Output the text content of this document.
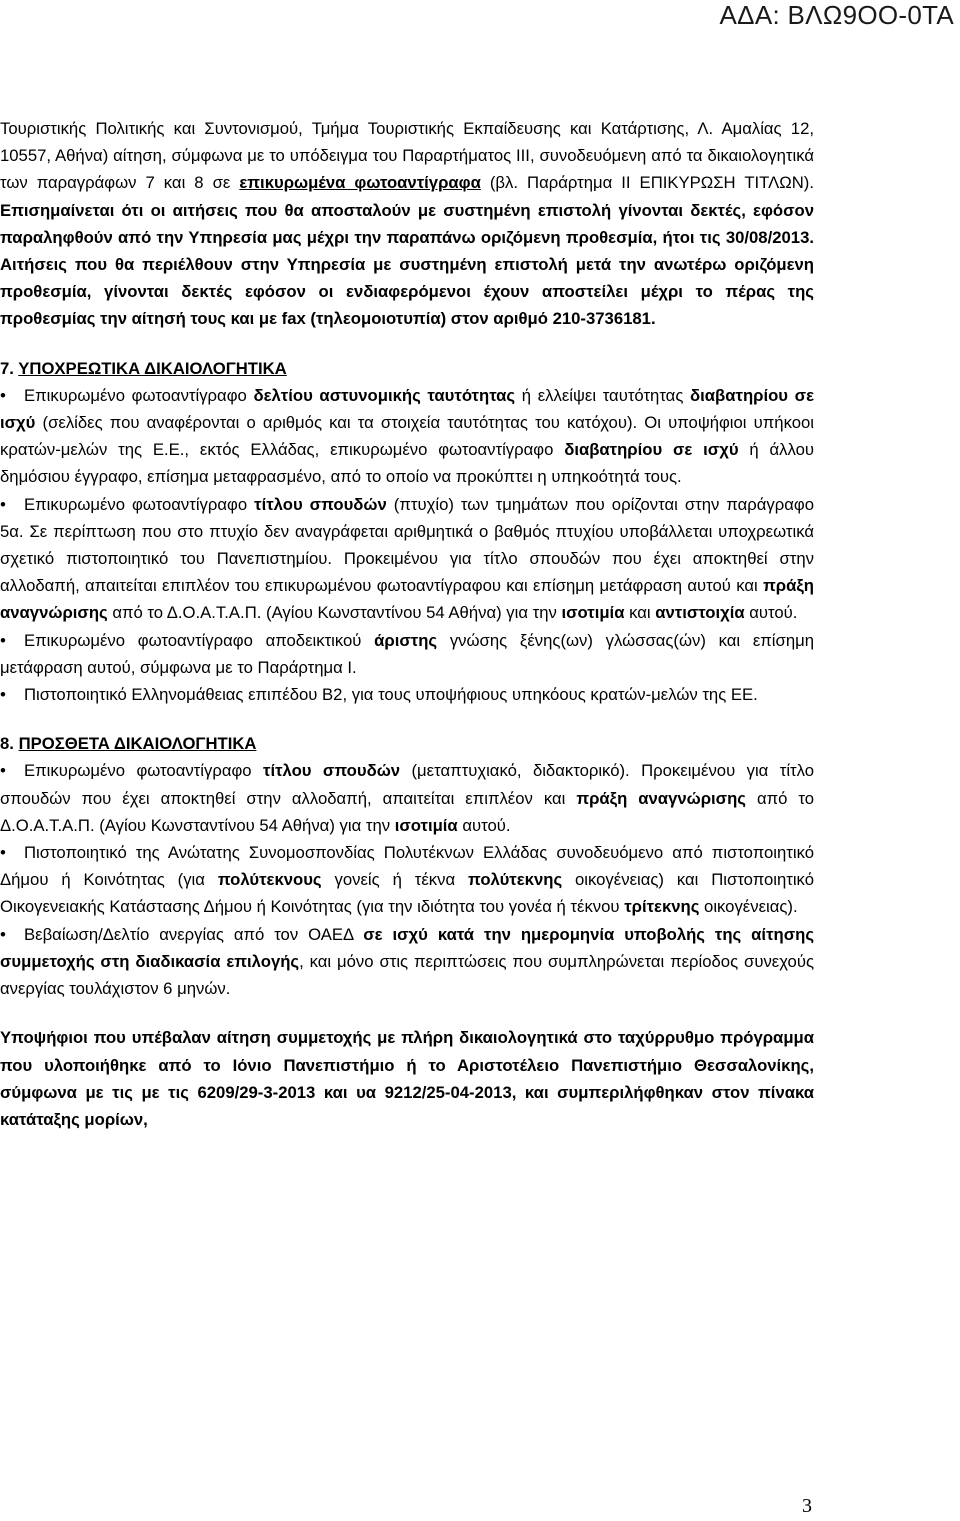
ΑΔΑ: ΒΛΩ9ΟΟ-0ΤΑ

Τουριστικής Πολιτικής και Συντονισμού, Τμήμα Τουριστικής Εκπαίδευσης και Κατάρτισης, Λ. Αμαλίας 12, 10557, Αθήνα) αίτηση, σύμφωνα με το υπόδειγμα του Παραρτήματος ΙΙΙ, συνοδευόμενη από τα δικαιολογητικά των παραγράφων 7 και 8 σε επικυρωμένα φωτοαντίγραφα (βλ. Παράρτημα ΙΙ ΕΠΙΚΥΡΩΣΗ ΤΙΤΛΩΝ). Επισημαίνεται ότι οι αιτήσεις που θα αποσταλούν με συστημένη επιστολή γίνονται δεκτές, εφόσον παραληφθούν από την Υπηρεσία μας μέχρι την παραπάνω οριζόμενη προθεσμία, ήτοι τις 30/08/2013. Αιτήσεις που θα περιέλθουν στην Υπηρεσία με συστημένη επιστολή μετά την ανωτέρω οριζόμενη προθεσμία, γίνονται δεκτές εφόσον οι ενδιαφερόμενοι έχουν αποστείλει μέχρι το πέρας της προθεσμίας την αίτησή τους και με fax (τηλεομοιοτυπία) στον αριθμό 210-3736181.

7. ΥΠΟΧΡΕΩΤΙΚΑ ΔΙΚΑΙΟΛΟΓΗΤΙΚΑ

• Επικυρωμένο φωτοαντίγραφο δελτίου αστυνομικής ταυτότητας ή ελλείψει ταυτότητας διαβατηρίου σε ισχύ (σελίδες που αναφέρονται ο αριθμός και τα στοιχεία ταυτότητας του κατόχου). Οι υποψήφιοι υπήκοοι κρατών-μελών της Ε.Ε., εκτός Ελλάδας, επικυρωμένο φωτοαντίγραφο διαβατηρίου σε ισχύ ή άλλου δημόσιου έγγραφο, επίσημα μεταφρασμένο, από το οποίο να προκύπτει η υπηκοότητά τους.

• Επικυρωμένο φωτοαντίγραφο τίτλου σπουδών (πτυχίο) των τμημάτων που ορίζονται στην παράγραφο 5α. Σε περίπτωση που στο πτυχίο δεν αναγράφεται αριθμητικά ο βαθμός πτυχίου υποβάλλεται υποχρεωτικά σχετικό πιστοποιητικό του Πανεπιστημίου. Προκειμένου για τίτλο σπουδών που έχει αποκτηθεί στην αλλοδαπή, απαιτείται επιπλέον του επικυρωμένου φωτοαντίγραφου και επίσημη μετάφραση αυτού και πράξη αναγνώρισης από το Δ.Ο.Α.Τ.Α.Π. (Αγίου Κωνσταντίνου 54 Αθήνα) για την ισοτιμία και αντιστοιχία αυτού.

• Επικυρωμένο φωτοαντίγραφο αποδεικτικού άριστης γνώσης ξένης(ων) γλώσσας(ών) και επίσημη μετάφραση αυτού, σύμφωνα με το Παράρτημα Ι.

• Πιστοποιητικό Ελληνομάθειας επιπέδου Β2, για τους υποψήφιους υπηκόους κρατών-μελών της ΕΕ.

8. ΠΡΟΣΘΕΤΑ ΔΙΚΑΙΟΛΟΓΗΤΙΚΑ

• Επικυρωμένο φωτοαντίγραφο τίτλου σπουδών (μεταπτυχιακό, διδακτορικό). Προκειμένου για τίτλο σπουδών που έχει αποκτηθεί στην αλλοδαπή, απαιτείται επιπλέον και πράξη αναγνώρισης από το Δ.Ο.Α.Τ.Α.Π. (Αγίου Κωνσταντίνου 54 Αθήνα) για την ισοτιμία αυτού.

• Πιστοποιητικό της Ανώτατης Συνομοσπονδίας Πολυτέκνων Ελλάδας συνοδευόμενο από πιστοποιητικό Δήμου ή Κοινότητας (για πολύτεκνους γονείς ή τέκνα πολύτεκνης οικογένειας) και Πιστοποιητικό Οικογενειακής Κατάστασης Δήμου ή Κοινότητας (για την ιδιότητα του γονέα ή τέκνου τρίτεκνης οικογένειας).

• Βεβαίωση/Δελτίο ανεργίας από τον ΟΑΕΔ σε ισχύ κατά την ημερομηνία υποβολής της αίτησης συμμετοχής στη διαδικασία επιλογής, και μόνο στις περιπτώσεις που συμπληρώνεται περίοδος συνεχούς ανεργίας τουλάχιστον 6 μηνών.

Υποψήφιοι που υπέβαλαν αίτηση συμμετοχής με πλήρη δικαιολογητικά στο ταχύρρυθμο πρόγραμμα που υλοποιήθηκε από το Ιόνιο Πανεπιστήμιο ή το Αριστοτέλειο Πανεπιστήμιο Θεσσαλονίκης, σύμφωνα με τις με τις 6209/29-3-2013 και υα 9212/25-04-2013, και συμπεριλήφθηκαν στον πίνακα κατάταξης μορίων,

3
